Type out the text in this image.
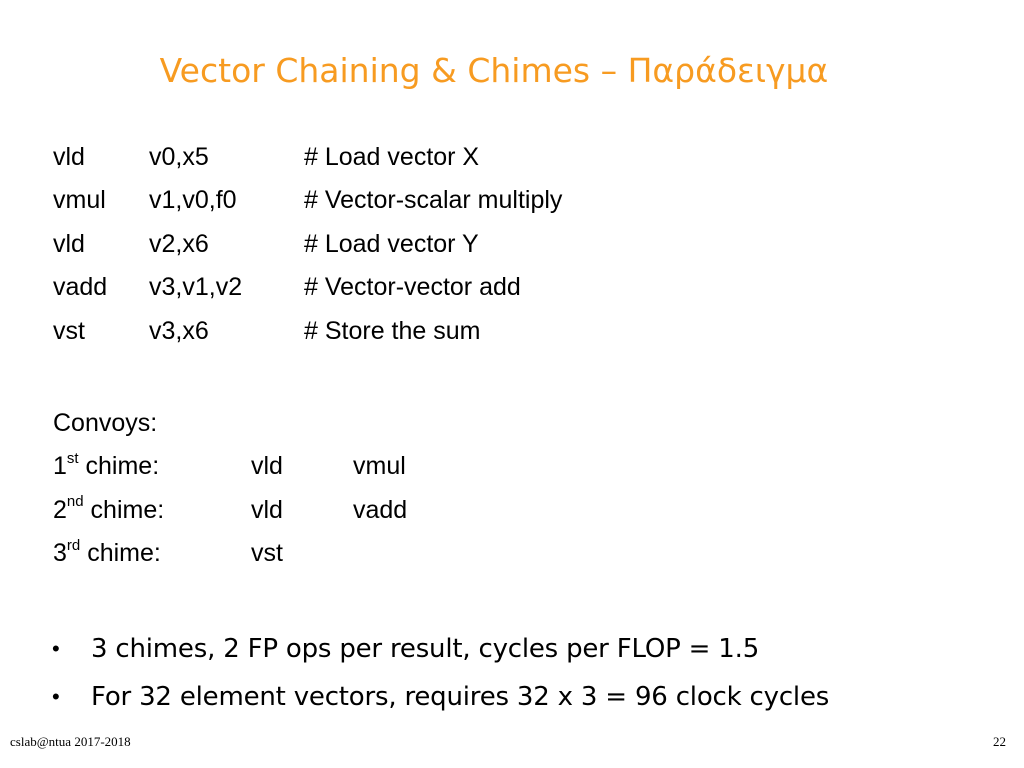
Vector Chaining & Chimes – Παράδειγμα
vld	v0,x5	# Load vector X
vmul v1,v0,f0	# Vector-scalar multiply
vld	v2,x6	# Load vector Y
vadd v3,v1,v2 # Vector-vector add
vst	v3,x6	# Store the sum
Convoys:
1st chime:	vld	vmul
2nd chime:	vld	vadd
3rd chime:	vst
• 3 chimes, 2 FP ops per result, cycles per FLOP = 1.5
• For 32 element vectors, requires 32 x 3 = 96 clock cycles
cslab@ntua 2017-2018	22
